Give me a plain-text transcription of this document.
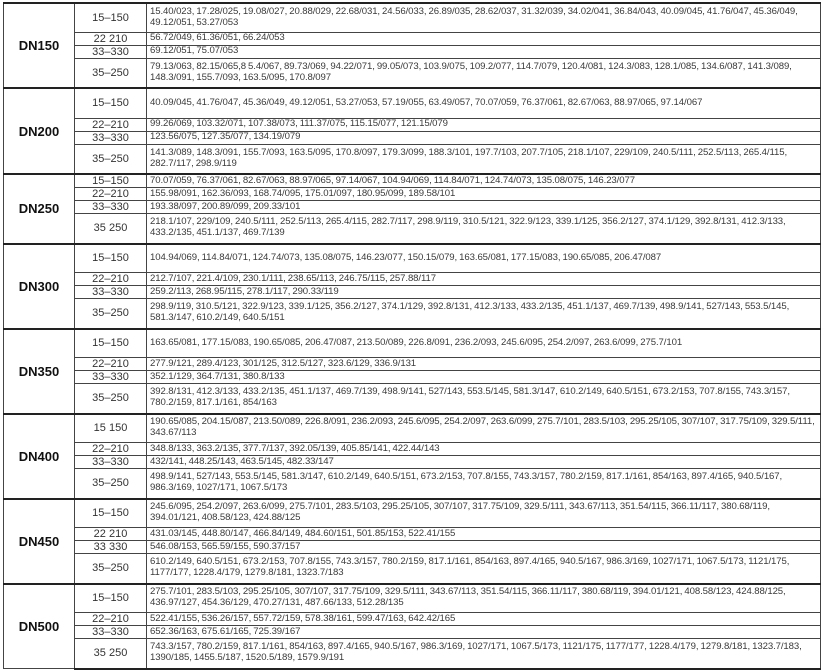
DN150	15–150	15.40/023, 17.28/025, 19.08/027, 20.88/029, 22.68/031, 24.56/033, 26.89/035, 28.62/037, 31.32/039, 34.02/041, 36.84/043, 40.09/045, 41.76/047, 45.36/049, 49.12/051, 53.27/053
	22 210	56.72/049, 61.36/051, 66.24/053
	33–330	69.12/051, 75.07/053
	35–250	79.13/063, 82.15/065,8 5.4/067, 89.73/069, 94.22/071, 99.05/073, 103.9/075, 109.2/077, 114.7/079, 120.4/081, 124.3/083, 128.1/085, 134.6/087, 141.3/089, 148.3/091, 155.7/093, 163.5/095, 170.8/097
DN200	15–150	40.09/045, 41.76/047, 45.36/049, 49.12/051, 53.27/053, 57.19/055, 63.49/057, 70.07/059, 76.37/061, 82.67/063, 88.97/065, 97.14/067
	22–210	99.26/069, 103.32/071, 107.38/073, 111.37/075, 115.15/077, 121.15/079
	33–330	123.56/075, 127.35/077, 134.19/079
	35–250	141.3/089, 148.3/091, 155.7/093, 163.5/095, 170.8/097, 179.3/099, 188.3/101, 197.7/103, 207.7/105, 218.1/107, 229/109, 240.5/111, 252.5/113, 265.4/115, 282.7/117, 298.9/119
DN250	15–150	70.07/059, 76.37/061, 82.67/063, 88.97/065, 97.14/067, 104.94/069, 114.84/071, 124.74/073, 135.08/075, 146.23/077
	22–210	155.98/091, 162.36/093, 168.74/095, 175.01/097, 180.95/099, 189.58/101
	33–330	193.38/097, 200.89/099, 209.33/101
	35 250	218.1/107, 229/109, 240.5/111, 252.5/113, 265.4/115, 282.7/117, 298.9/119, 310.5/121, 322.9/123, 339.1/125, 356.2/127, 374.1/129, 392.8/131, 412.3/133, 433.2/135, 451.1/137, 469.7/139
DN300	15–150	104.94/069, 114.84/071, 124.74/073, 135.08/075, 146.23/077, 150.15/079, 163.65/081, 177.15/083, 190.65/085, 206.47/087
	22–210	212.7/107, 221.4/109, 230.1/111, 238.65/113, 246.75/115, 257.88/117
	33–330	259.2/113, 268.95/115, 278.1/117, 290.33/119
	35–250	298.9/119, 310.5/121, 322.9/123, 339.1/125, 356.2/127, 374.1/129, 392.8/131, 412.3/133, 433.2/135, 451.1/137, 469.7/139, 498.9/141, 527/143, 553.5/145, 581.3/147, 610.2/149, 640.5/151
DN350	15–150	163.65/081, 177.15/083, 190.65/085, 206.47/087, 213.50/089, 226.8/091, 236.2/093, 245.6/095, 254.2/097, 263.6/099, 275.7/101
	22–210	277.9/121, 289.4/123, 301/125, 312.5/127, 323.6/129, 336.9/131
	33–330	352.1/129, 364.7/131, 380.8/133
	35–250	392.8/131, 412.3/133, 433.2/135, 451.1/137, 469.7/139, 498.9/141, 527/143, 553.5/145, 581.3/147, 610.2/149, 640.5/151, 673.2/153, 707.8/155, 743.3/157, 780.2/159, 817.1/161, 854/163
DN400	15 150	190.65/085, 204.15/087, 213.50/089, 226.8/091, 236.2/093, 245.6/095, 254.2/097, 263.6/099, 275.7/101, 283.5/103, 295.25/105, 307/107, 317.75/109, 329.5/111, 343.67/113
	22–210	348.8/133, 363.2/135, 377.7/137, 392.05/139, 405.85/141, 422.44/143
	33–330	432/141, 448.25/143, 463.5/145, 482.33/147
	35–250	498.9/141, 527/143, 553.5/145, 581.3/147, 610.2/149, 640.5/151, 673.2/153, 707.8/155, 743.3/157, 780.2/159, 817.1/161, 854/163, 897.4/165, 940.5/167, 986.3/169, 1027/171, 1067.5/173
DN450	15–150	245.6/095, 254.2/097, 263.6/099, 275.7/101, 283.5/103, 295.25/105, 307/107, 317.75/109, 329.5/111, 343.67/113, 351.54/115, 366.11/117, 380.68/119, 394.01/121, 408.58/123, 424.88/125
	22 210	431.03/145, 448.80/147, 466.84/149, 484.60/151, 501.85/153, 522.41/155
	33 330	546.08/153, 565.59/155, 590.37/157
	35–250	610.2/149, 640.5/151, 673.2/153, 707.8/155, 743.3/157, 780.2/159, 817.1/161, 854/163, 897.4/165, 940.5/167, 986.3/169, 1027/171, 1067.5/173, 1121/175, 1177/177, 1228.4/179, 1279.8/181, 1323.7/183
DN500	15–150	275.7/101, 283.5/103, 295.25/105, 307/107, 317.75/109, 329.5/111, 343.67/113, 351.54/115, 366.11/117, 380.68/119, 394.01/121, 408.58/123, 424.88/125, 436.97/127, 454.36/129, 470.27/131, 487.66/133, 512.28/135
	22–210	522.41/155, 536.26/157, 557.72/159, 578.38/161, 599.47/163, 642.42/165
	33–330	652.36/163, 675.61/165, 725.39/167
	35 250	743.3/157, 780.2/159, 817.1/161, 854/163, 897.4/165, 940.5/167, 986.3/169, 1027/171, 1067.5/173, 1121/175, 1177/177, 1228.4/179, 1279.8/181, 1323.7/183, 1390/185, 1455.5/187, 1520.5/189, 1579.9/191
